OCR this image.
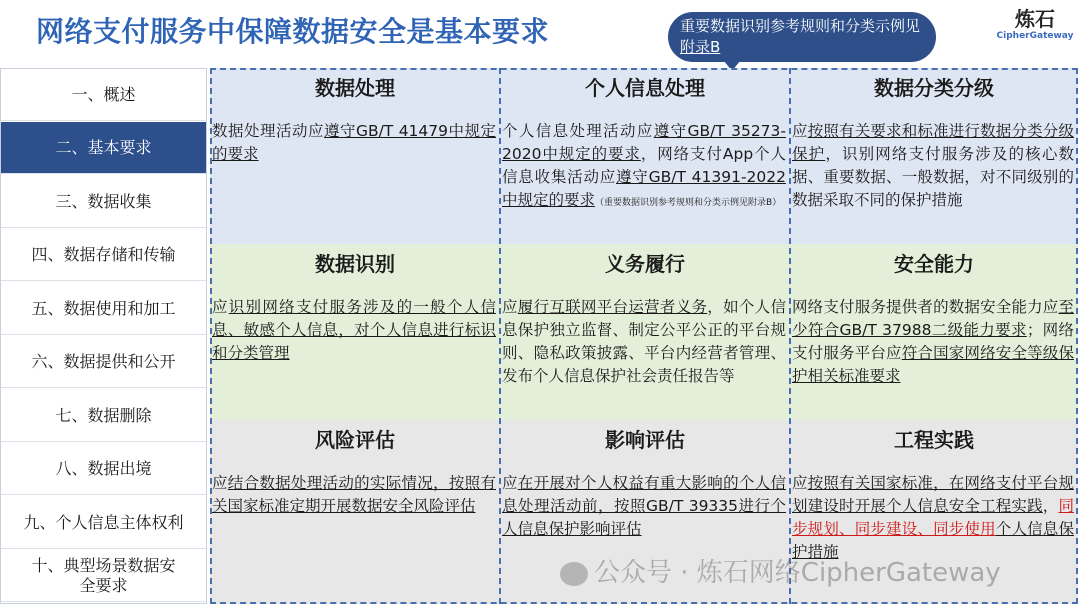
网络支付服务中保障数据安全是基本要求	重要数据识别参考规则和分类示例见附录B
炼石
CipherGateway
一、概述
二、基本要求
三、数据收集
四、数据存储和传输
五、数据使用和加工
六、数据提供和公开
七、数据删除
八、数据出境
九、个人信息主体权利
十、典型场景数据安全要求
数据处理
数据处理活动应遵守GB/T 41479中规定的要求
个人信息处理
个人信息处理活动应遵守GB/T 35273-2020中规定的要求，网络支付App个人信息收集活动应遵守GB/T 41391-2022中规定的要求（重要数据识别参考规则和分类示例见附录B）
数据分类分级
应按照有关要求和标准进行数据分类分级保护，识别网络支付服务涉及的核心数据、重要数据、一般数据，对不同级别的数据采取不同的保护措施
数据识别
应识别网络支付服务涉及的一般个人信息、敏感个人信息，对个人信息进行标识和分类管理
义务履行
应履行互联网平台运营者义务，如个人信息保护独立监督、制定公平公正的平台规则、隐私政策披露、平台内经营者管理、发布个人信息保护社会责任报告等
安全能力
网络支付服务提供者的数据安全能力应至少符合GB/T 37988二级能力要求；网络支付服务平台应符合国家网络安全等级保护相关标准要求
风险评估
应结合数据处理活动的实际情况，按照有关国家标准定期开展数据安全风险评估
影响评估
应在开展对个人权益有重大影响的个人信息处理活动前，按照GB/T 39335进行个人信息保护影响评估
工程实践
应按照有关国家标准，在网络支付平台规划建设时开展个人信息安全工程实践，同步规划、同步建设、同步使用个人信息保护措施
公众号 · 炼石网络CipherGateway
